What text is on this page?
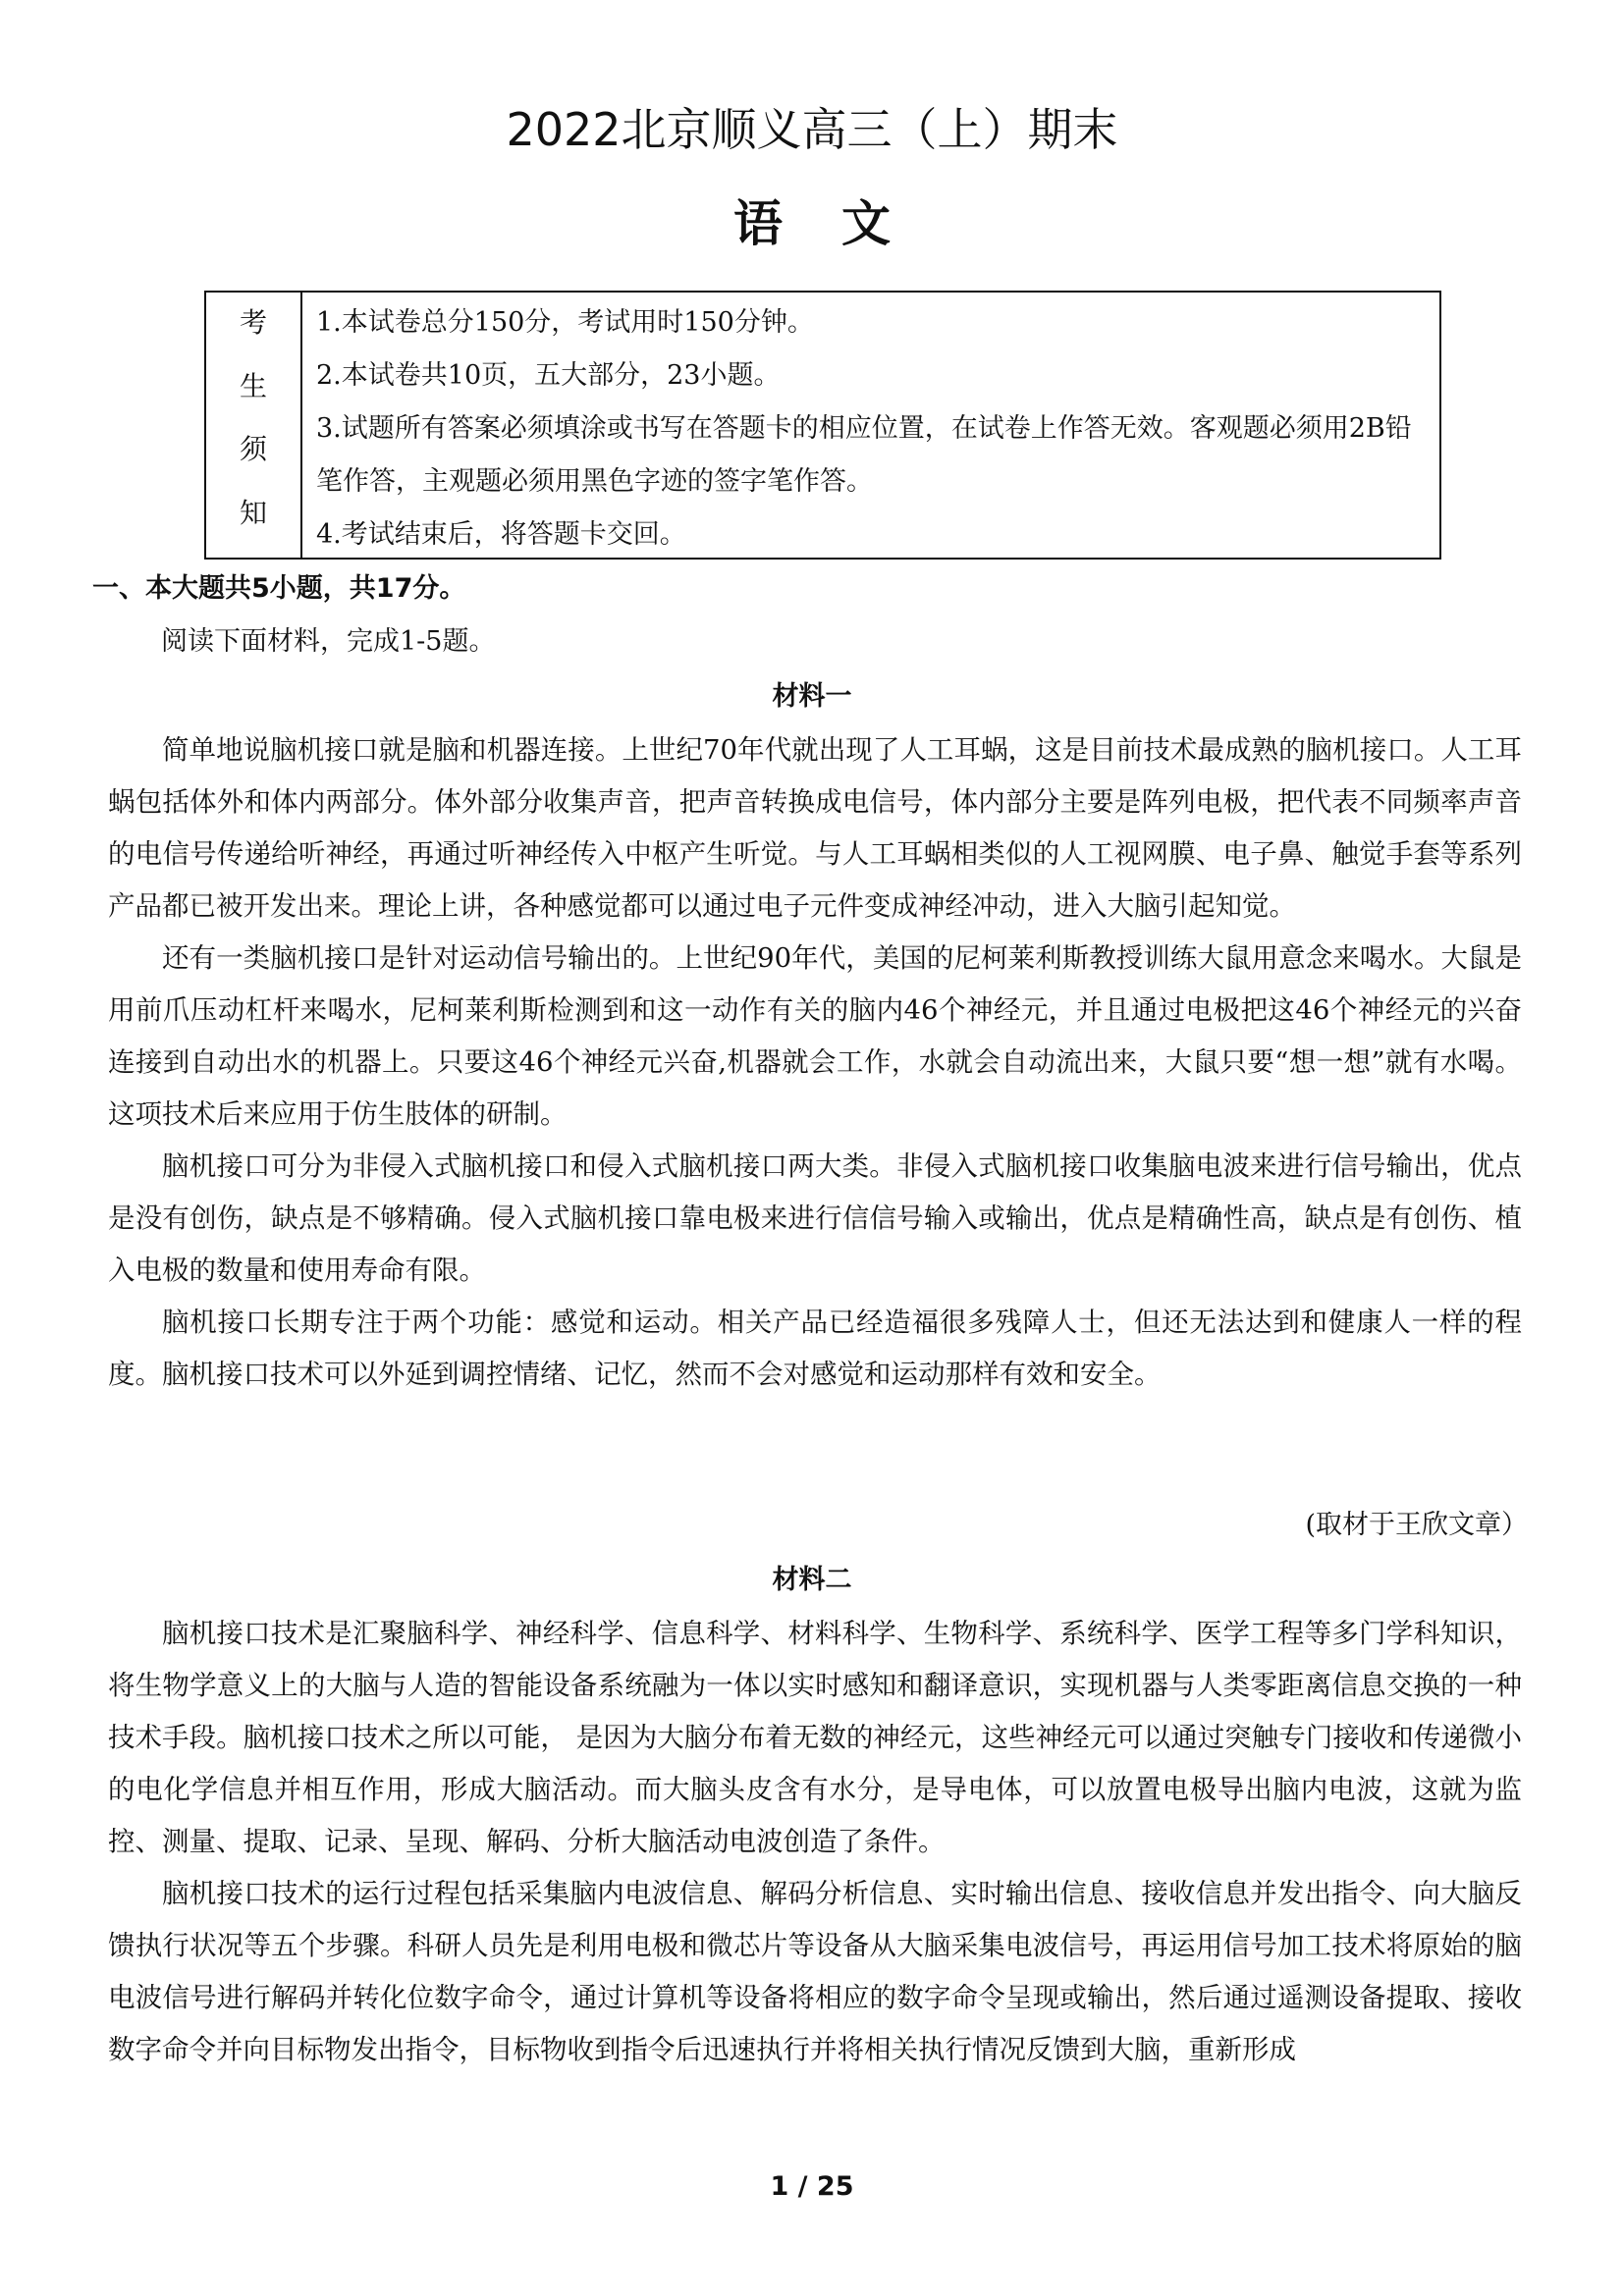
2022北京顺义高三（上）期末
语文
考
生
须
知
1.本试卷总分150分，考试用时150分钟。
2.本试卷共10页，五大部分，23小题。
3.试题所有答案必须填涂或书写在答题卡的相应位置，在试卷上作答无效。客观题必须用2B铅笔作答，主观题必须用黑色字迹的签字笔作答。
4.考试结束后，将答题卡交回。
一、本大题共5小题，共17分。
阅读下面材料，完成1-5题。
材料一

简单地说脑机接口就是脑和机器连接。上世纪70年代就出现了人工耳蜗，这是目前技术最成熟的脑机接口。人工耳蜗包括体外和体内两部分。体外部分收集声音，把声音转换成电信号，体内部分主要是阵列电极，把代表不同频率声音的电信号传递给听神经，再通过听神经传入中枢产生听觉。与人工耳蜗相类似的人工视网膜、电子鼻、触觉手套等系列产品都已被开发出来。理论上讲，各种感觉都可以通过电子元件变成神经冲动，进入大脑引起知觉。

还有一类脑机接口是针对运动信号输出的。上世纪90年代，美国的尼柯莱利斯教授训练大鼠用意念来喝水。大鼠是用前爪压动杠杆来喝水，尼柯莱利斯检测到和这一动作有关的脑内46个神经元，并且通过电极把这46个神经元的兴奋连接到自动出水的机器上。只要这46个神经元兴奋,机器就会工作，水就会自动流出来，大鼠只要“想一想”就有水喝。这项技术后来应用于仿生肢体的研制。

脑机接口可分为非侵入式脑机接口和侵入式脑机接口两大类。非侵入式脑机接口收集脑电波来进行信号输出，优点是没有创伤，缺点是不够精确。侵入式脑机接口靠电极来进行信信号输入或输出，优点是精确性高，缺点是有创伤、植入电极的数量和使用寿命有限。

脑机接口长期专注于两个功能：感觉和运动。相关产品已经造福很多残障人士，但还无法达到和健康人一样的程度。脑机接口技术可以外延到调控情绪、记忆，然而不会对感觉和运动那样有效和安全。

(取材于王欣文章）
材料二

脑机接口技术是汇聚脑科学、神经科学、信息科学、材料科学、生物科学、系统科学、医学工程等多门学科知识，将生物学意义上的大脑与人造的智能设备系统融为一体以实时感知和翻译意识，实现机器与人类零距离信息交换的一种技术手段。脑机接口技术之所以可能， 是因为大脑分布着无数的神经元，这些神经元可以通过突触专门接收和传递微小的电化学信息并相互作用，形成大脑活动。而大脑头皮含有水分，是导电体，可以放置电极导出脑内电波，这就为监控、测量、提取、记录、呈现、解码、分析大脑活动电波创造了条件。

脑机接口技术的运行过程包括采集脑内电波信息、解码分析信息、实时输出信息、接收信息并发出指令、向大脑反馈执行状况等五个步骤。科研人员先是利用电极和微芯片等设备从大脑采集电波信号，再运用信号加工技术将原始的脑电波信号进行解码并转化位数字命令，通过计算机等设备将相应的数字命令呈现或输出，然后通过遥测设备提取、接收数字命令并向目标物发出指令，目标物收到指令后迅速执行并将相关执行情况反馈到大脑，重新形成

1 / 25
